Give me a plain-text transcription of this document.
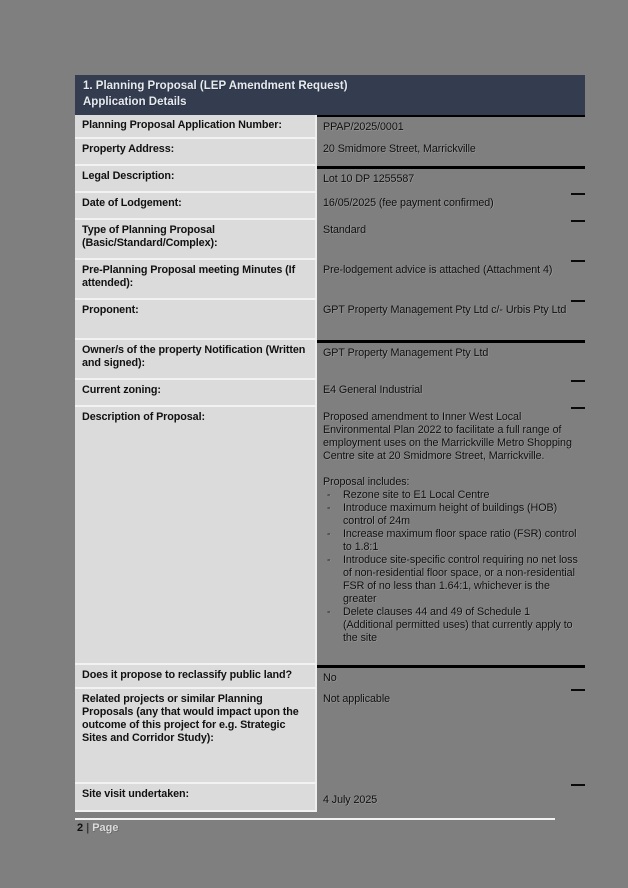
1. Planning Proposal (LEP Amendment Request)
Application Details
Planning Proposal Application Number:	PPAP/2025/0001
Property Address:	20 Smidmore Street, Marrickville
Legal Description:	Lot 10 DP 1255587
Date of Lodgement:	16/05/2025 (fee payment confirmed)
Type of Planning Proposal (Basic/Standard/Complex):
Standard
Pre-Planning Proposal meeting Minutes (If attended):
Pre-lodgement advice is attached (Attachment 4)
Proponent:	GPT Property Management Pty Ltd c/- Urbis Pty Ltd
Owner/s of the property Notification (Written and signed):
GPT Property Management Pty Ltd
Current zoning:	E4 General Industrial
Description of Proposal:	Proposed amendment to Inner West Local Environmental Plan 2022 to facilitate a full range of employment uses on the Marrickville Metro Shopping Centre site at 20 Smidmore Street, Marrickville.

Proposal includes:

-	Rezone site to E1 Local Centre
-	Introduce maximum height of buildings (HOB) control of 24m
-	Increase maximum floor space ratio (FSR) control to 1.8:1
-	Introduce site-specific control requiring no net loss of non-residential floor space, or a non-residential FSR of no less than 1.64:1, whichever is the greater
-	Delete clauses 44 and 49 of Schedule 1 (Additional permitted uses) that currently apply to the site
Does it propose to reclassify public land?	No
Related projects or similar Planning Proposals (any that would impact upon the outcome of this project for e.g. Strategic Sites and Corridor Study):
Not applicable
Site visit undertaken:	4 July 2025
2 | Page
